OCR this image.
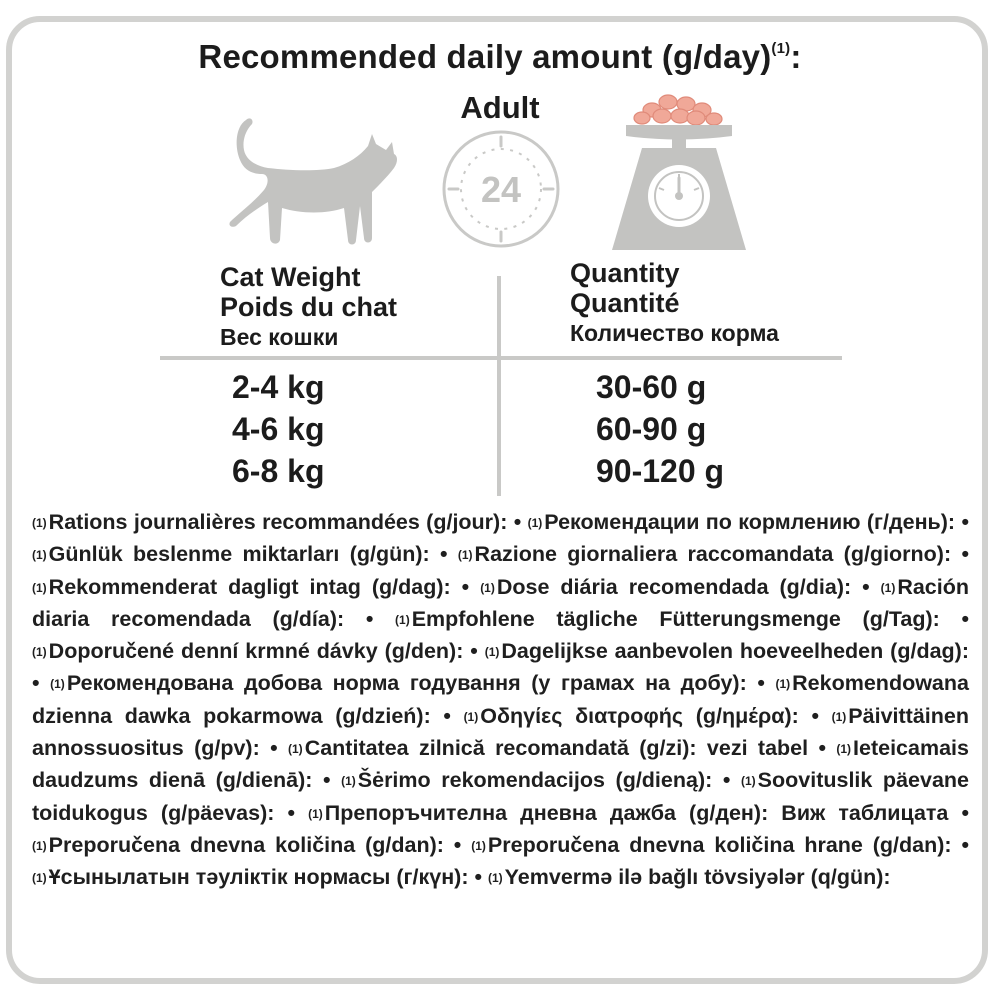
Recommended daily amount $(g/day)^{(1)}$:
Adult
24
Cat Weight
Poids du chat
Вес кошки
Quantity
Quantité
Количество корма
2-4 kg
4-6 kg
6-8 kg
30-60 g
60-90 g
90-120 g
$^{(1)}$Rations journalières recommandées (g/jour): • $^{(1)}$Рекомендации по кормлению (г/день): • $^{(1)}$Günlük beslenme miktarları (g/gün): • $^{(1)}$Razione giornaliera raccomandata (g/giorno): • $^{(1)}$Rekommenderat dagligt intag (g/dag): • $^{(1)}$Dose diária recomendada (g/dia): • $^{(1)}$Ración diaria recomendada (g/día): • $^{(1)}$Empfohlene tägliche Fütterungsmenge (g/Tag): • $^{(1)}$Doporučené denní krmné dávky (g/den): • $^{(1)}$Dagelijkse aanbevolen hoeveelheden (g/dag): • $^{(1)}$Рекомендована добова норма годування (у грамах на добу): • $^{(1)}$Rekomendowana dzienna dawka pokarmowa (g/dzień): • $^{(1)}$Οδηγίες διατροφής (g/ημέρα): • $^{(1)}$Päivittäinen annossuositus (g/pv): • $^{(1)}$Cantitatea zilnică recomandată (g/zi): vezi tabel • $^{(1)}$Ieteicamais daudzums dienā (g/dienā): • $^{(1)}$Šėrimo rekomendacijos (g/dieną): • $^{(1)}$Soovituslik päevane toidukogus (g/päevas): • $^{(1)}$Препоръчителна дневна дажба (g/ден): Виж таблицата • $^{(1)}$Preporučena dnevna količina (g/dan): • $^{(1)}$Preporučena dnevna količina hrane (g/dan): • $^{(1)}$Ұсынылатын тәуліктік нормасы (г/күн): • $^{(1)}$Yemvermə ilə bağlı tövsiyələr (q/gün):
